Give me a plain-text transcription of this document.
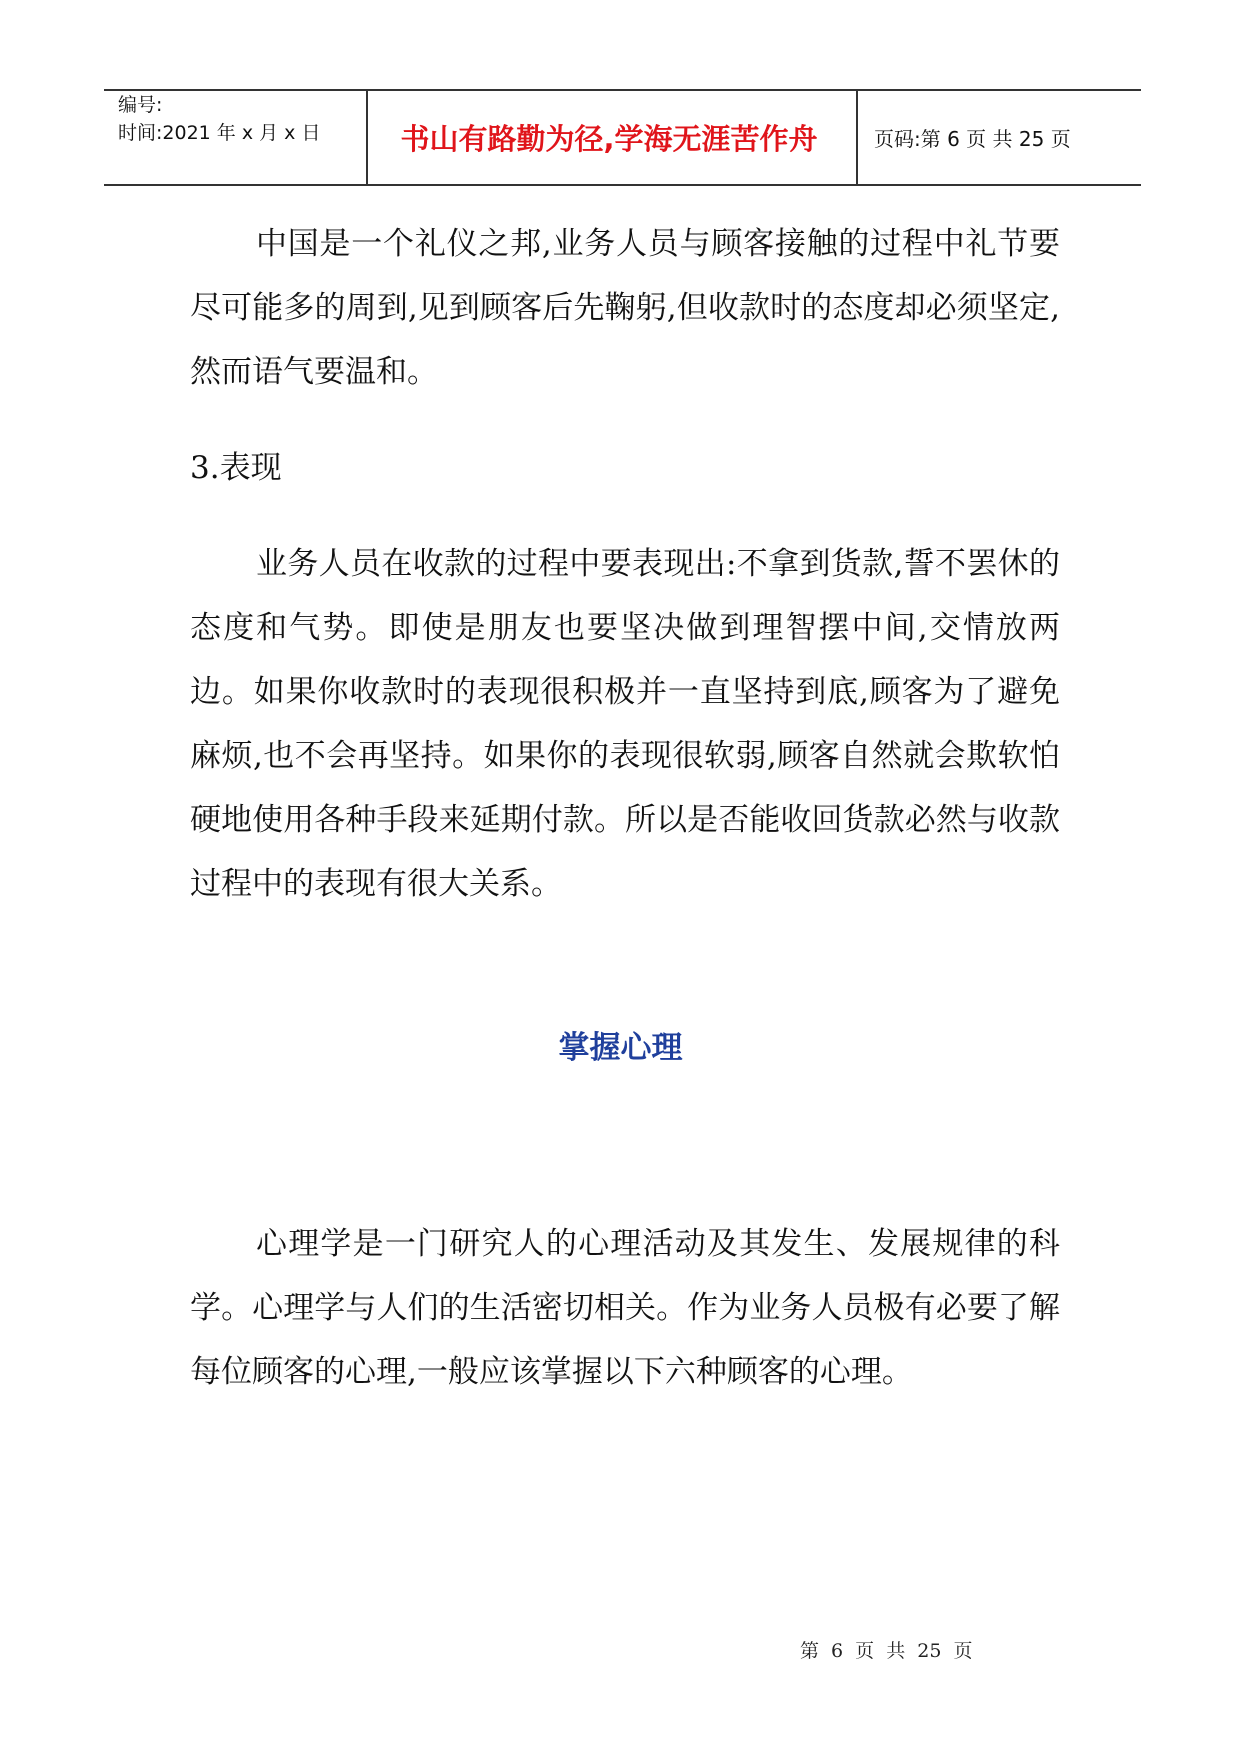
编号:
时间:2021 年 x 月 x 日	书山有路勤为径,学海无涯苦作舟	页码:第 6 页 共 25 页

中国是一个礼仪之邦,业务人员与顾客接触的过程中礼节要尽可能多的周到,见到顾客后先鞠躬,但收款时的态度却必须坚定,然而语气要温和。

3.表现

业务人员在收款的过程中要表现出:不拿到货款,誓不罢休的态度和气势。即使是朋友也要坚决做到理智摆中间,交情放两边。如果你收款时的表现很积极并一直坚持到底,顾客为了避免麻烦,也不会再坚持。如果你的表现很软弱,顾客自然就会欺软怕硬地使用各种手段来延期付款。所以是否能收回货款必然与收款过程中的表现有很大关系。

掌握心理

心理学是一门研究人的心理活动及其发生、发展规律的科学。心理学与人们的生活密切相关。作为业务人员极有必要了解每位顾客的心理,一般应该掌握以下六种顾客的心理。

第 6 页 共 25 页
